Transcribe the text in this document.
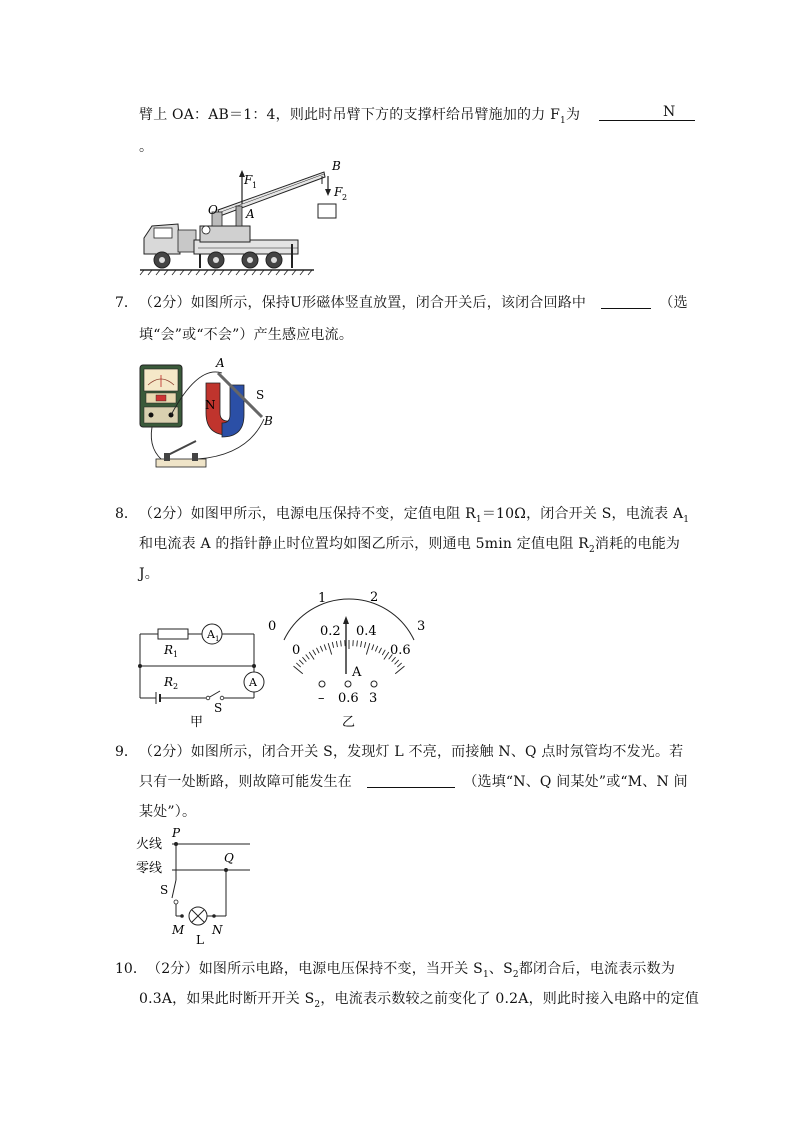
臂上 OA：AB＝1：4，则此时吊臂下方的支撑杆给吊臂施加的力 $F_1$为	N
。
O A
B
F 1	F 2
7． （2分）如图所示，保持U形磁体竖直放置，闭合开关后，该闭合回路中	（选
填“会”或“不会”）产生感应电流。
A
B
N
S
8． （2分）如图甲所示，电源电压保持不变，定值电阻 $R_1=10\Omega$，闭合开关 S，电流表 $A_1$
和电流表 A 的指针静止时位置均如图乙所示，则通电 5min 定值电阻 $R_2$消耗的电能为
J。
A 1
A
R 1
R 2
S
甲
0
1	2
3
0
0.2 0.4
0.6
A
– 0.6 3
乙
9． （2分）如图所示，闭合开关 S，发现灯 L 不亮，而接触 N、Q 点时氖管均不发光。若
只有一处断路，则故障可能发生在	（选填“N、Q 间某处”或“M、N 间
某处”）。
火线
零线
P
Q
S
M N
L
10． （2分）如图所示电路，电源电压保持不变，当开关 $S_1$、$S_2$都闭合后，电流表示数为
0.3A，如果此时断开开关 $S_2$，电流表示数较之前变化了 0.2A，则此时接入电路中的定值
